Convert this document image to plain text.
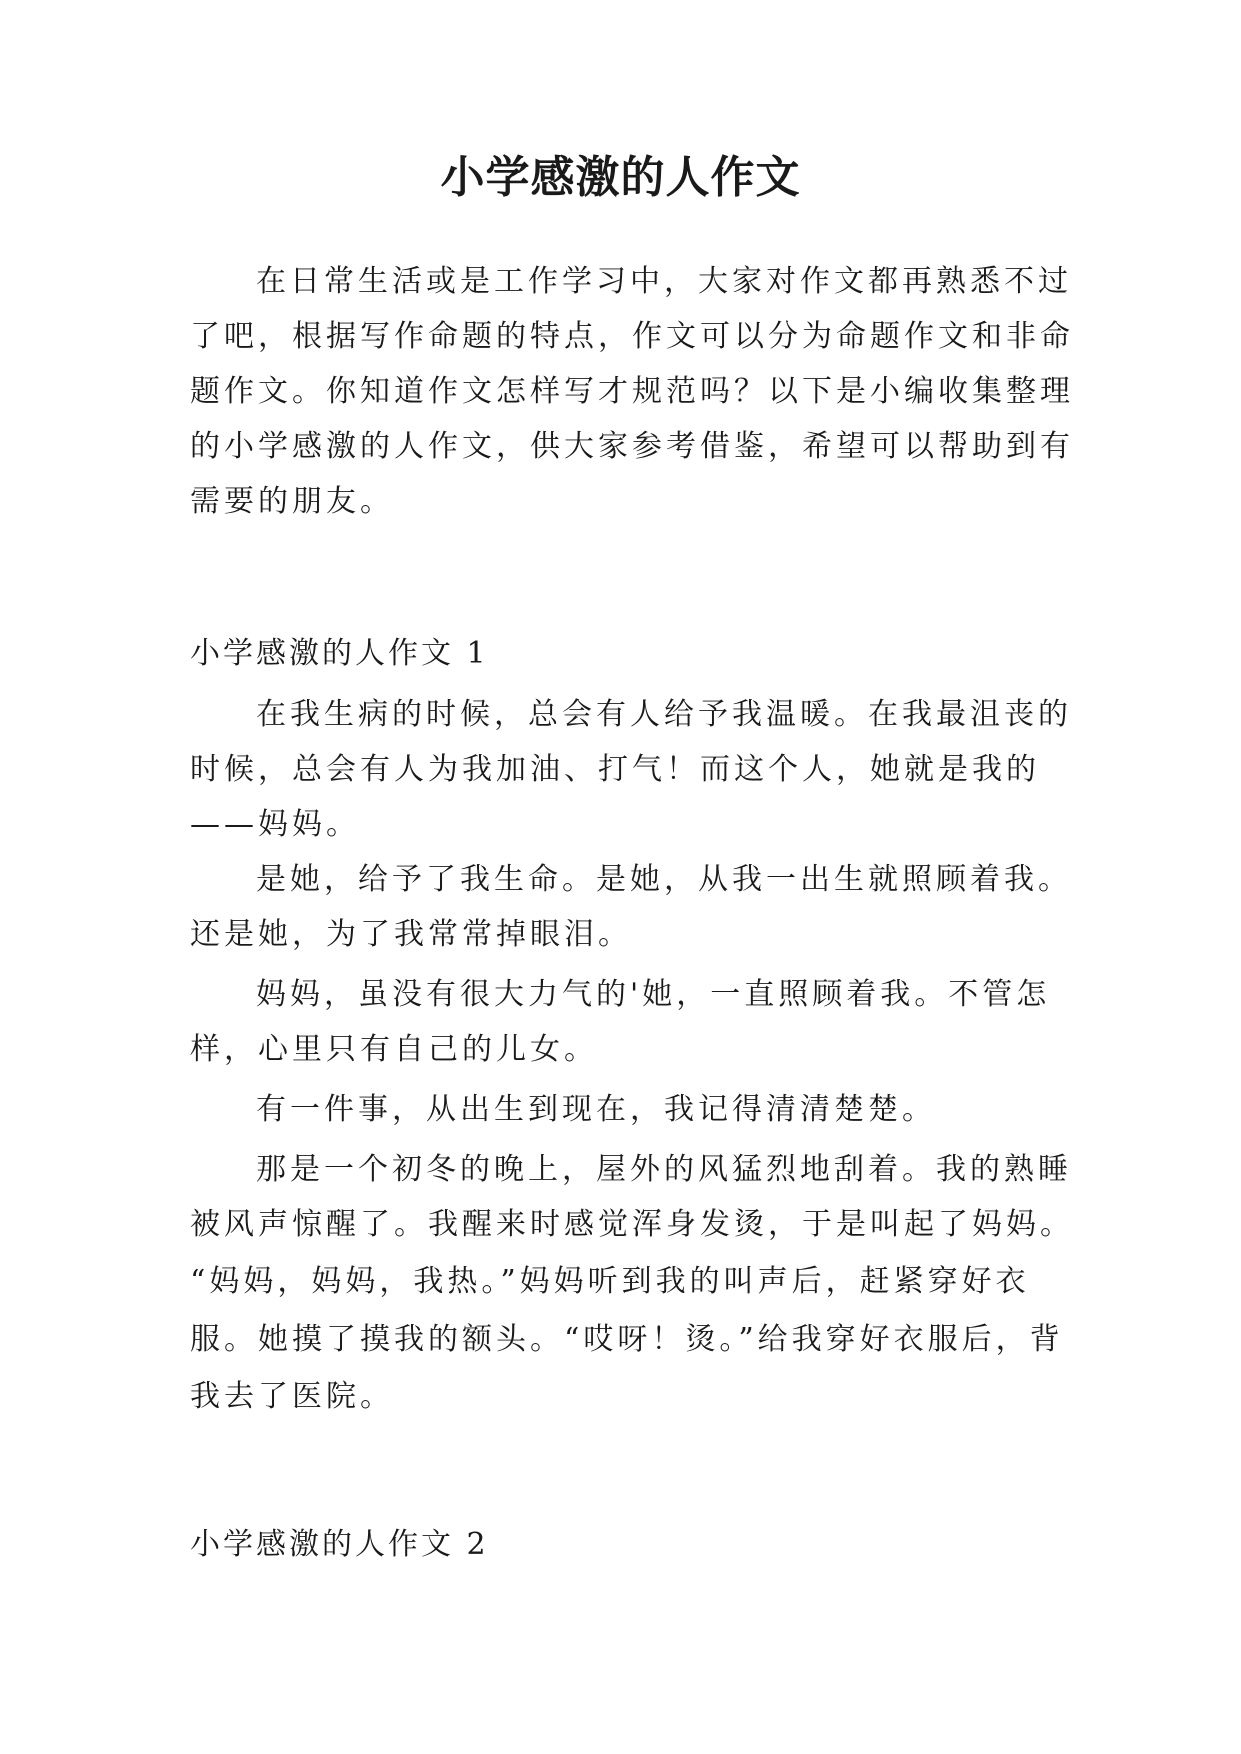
小学感激的人作文

在日常生活或是工作学习中，大家对作文都再熟悉不过

了吧，根据写作命题的特点，作文可以分为命题作文和非命

题作文。你知道作文怎样写才规范吗？以下是小编收集整理

的小学感激的人作文，供大家参考借鉴，希望可以帮助到有

需要的朋友。

小学感激的人作文 1

在我生病的时候，总会有人给予我温暖。在我最沮丧的

时候，总会有人为我加油、打气！而这个人，她就是我的

——妈妈。

是她，给予了我生命。是她，从我一出生就照顾着我。

还是她，为了我常常掉眼泪。

妈妈，虽没有很大力气的'她，一直照顾着我。不管怎

样，心里只有自己的儿女。

有一件事，从出生到现在，我记得清清楚楚。

那是一个初冬的晚上，屋外的风猛烈地刮着。我的熟睡

被风声惊醒了。我醒来时感觉浑身发烫，于是叫起了妈妈。

“妈妈，妈妈，我热。”妈妈听到我的叫声后，赶紧穿好衣

服。她摸了摸我的额头。“哎呀！烫。”给我穿好衣服后，背

我去了医院。

小学感激的人作文 2
